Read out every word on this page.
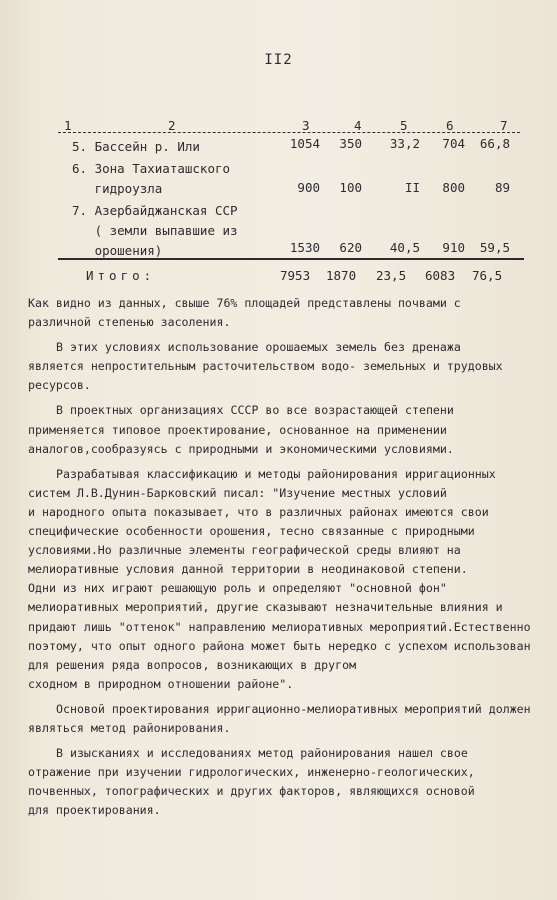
II2
1	2	3	4	5	6	7
5. Бассейн р. Или	1054	350	33,2	704	66,8
6. Зона Тахиаташского
гидроузла	900	100	II	800	89
7. Азербайджанская ССР
( земли выпавшие из
орошения)	1530	620	40,5	910	59,5
Итого:	7953	1870	23,5	6083	76,5

Как видно из данных, свыше 76% площадей представлены почвами с
различной степенью засоления.

В этих условиях использование орошаемых земель без дренажа
является непростительным расточительством водо- земельных и трудовых ресурсов.

В проектных организациях СССР во все возрастающей степени
применяется типовое проектирование, основанное на применении аналогов,сообразуясь с природными и экономическими условиями.

Разрабатывая классификацию и методы районирования ирригационных систем Л.В.Дунин-Барковский писал: "Изучение местных условий
и народного опыта показывает, что в различных районах имеются свои
специфические особенности орошения, тесно связанные с природными
условиями.Но различные элементы географической среды влияют на
мелиоративные условия данной территории в неодинаковой степени.
Одни из них играют решающую роль и определяют "основной фон" мелиоративных мероприятий, другие сказывают незначительные влияния и
придают лишь "оттенок" направлению мелиоративных мероприятий.Естественно поэтому, что опыт одного района может быть нередко с успехом использован для решения ряда вопросов, возникающих в другом
сходном в природном отношении районе".

Основой проектирования ирригационно-мелиоративных мероприятий должен являться метод районирования.

В изысканиях и исследованиях метод районирования нашел свое
отражение при изучении гидрологических, инженерно-геологических,
почвенных, топографических и других факторов, являющихся основой
для проектирования.
